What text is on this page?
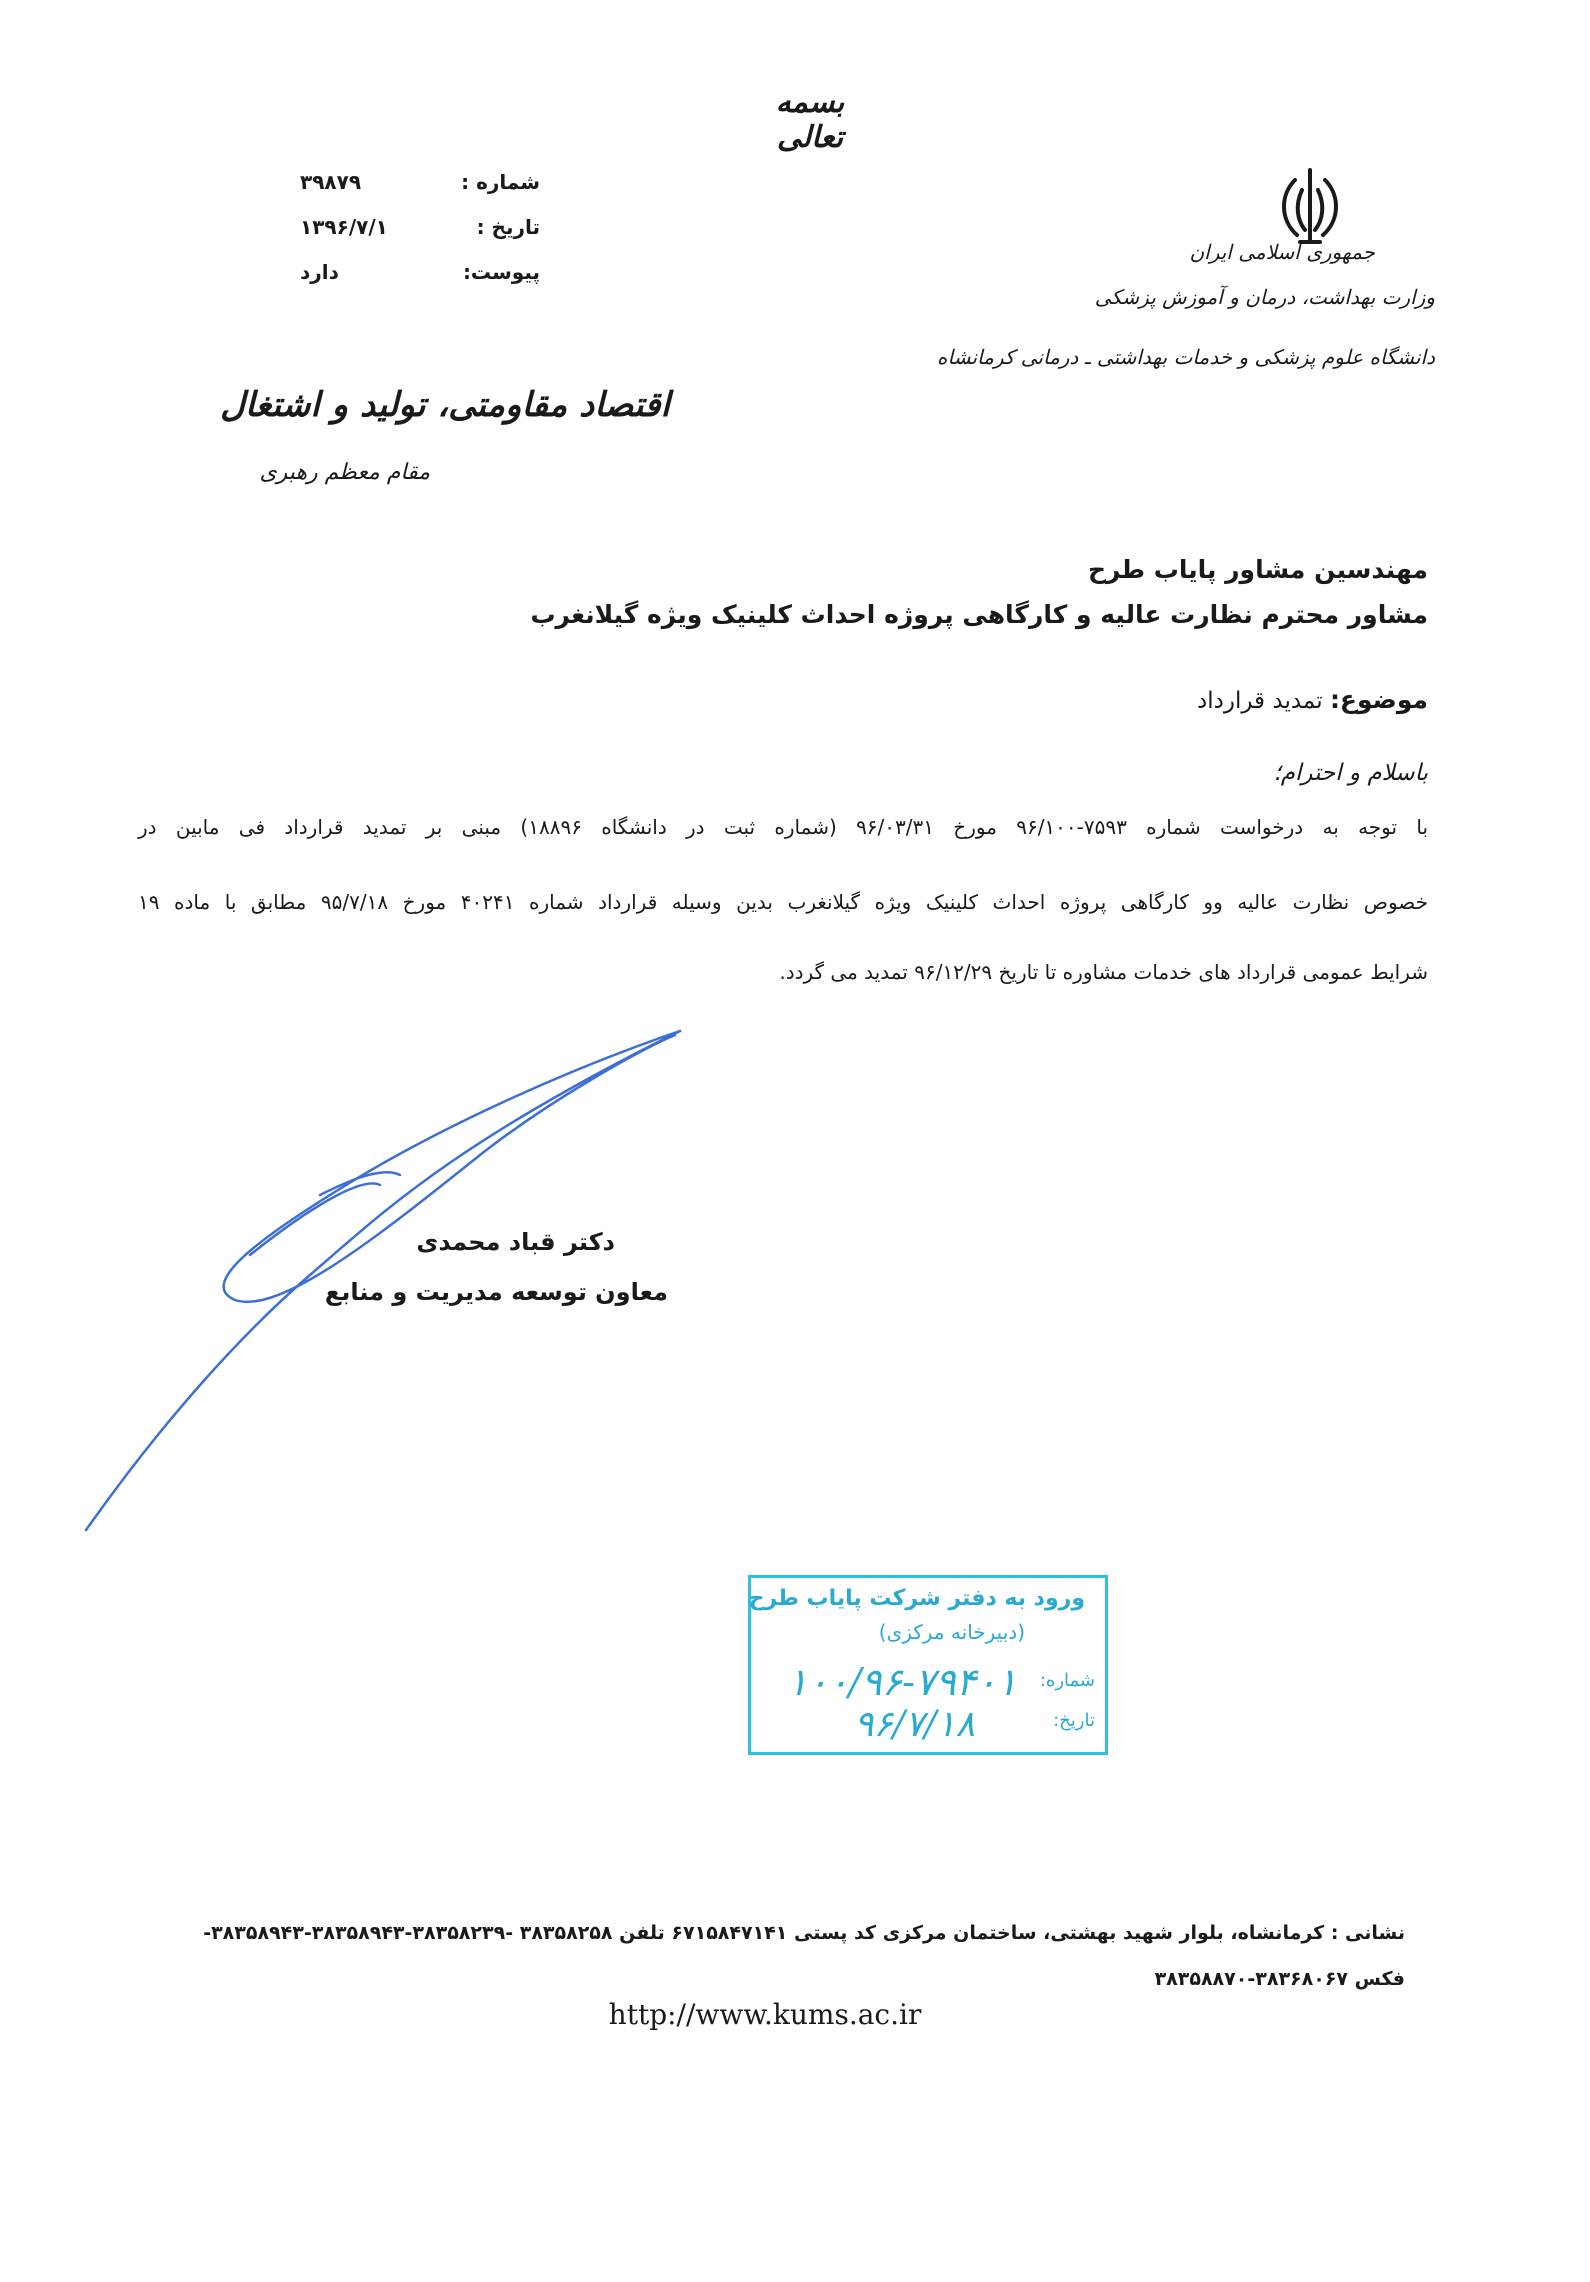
بسمه تعالی
جمهوری اسلامی ایران
وزارت بهداشت، درمان و آموزش پزشکی
دانشگاه علوم پزشکی و خدمات بهداشتی ـ درمانی کرمانشاه
شماره :
۳۹۸۷۹
تاریخ :
۱۳۹۶/۷/۱
پیوست:
دارد
اقتصاد مقاومتی، تولید و اشتغال
مقام معظم رهبری
مهندسین مشاور پایاب طرح
مشاور محترم نظارت عالیه و کارگاهی پروژه احداث کلینیک ویژه گیلانغرب
موضوع: تمدید قرارداد
باسلام و احترام؛
با توجه به درخواست شماره ۷۵۹۳-۹۶/۱۰۰ مورخ ۹۶/۰۳/۳۱ (شماره ثبت در دانشگاه ۱۸۸۹۶) مبنی بر تمدید قرارداد فی مابین در
خصوص نظارت عالیه وو کارگاهی پروژه احداث کلینیک ویژه گیلانغرب بدین وسیله قرارداد شماره ۴۰۲۴۱ مورخ ۹۵/۷/۱۸ مطابق با ماده ۱۹
شرایط عمومی قرارداد های خدمات مشاوره تا تاریخ ۹۶/۱۲/۲۹ تمدید می گردد.
دکتر قباد محمدی
معاون توسعه مدیریت و منابع
ورود به دفتر شرکت پایاب طرح
(دبیرخانه مرکزی)
شماره:
۱۰۰/۹۶-۷۹۴۰۱
تاریخ:
۹۶/۷/۱۸
نشانی : کرمانشاه، بلوار شهید بهشتی، ساختمان مرکزی کد پستی ۶۷۱۵۸۴۷۱۴۱ تلفن ۳۸۳۵۸۲۵۸ -۳۸۳۵۸۲۳۹-۳۸۳۵۸۹۴۳-۳۸۳۵۸۹۴۳- فکس ۳۸۳۶۸۰۶۷-۳۸۳۵۸۸۷۰
http://www.kums.ac.ir
